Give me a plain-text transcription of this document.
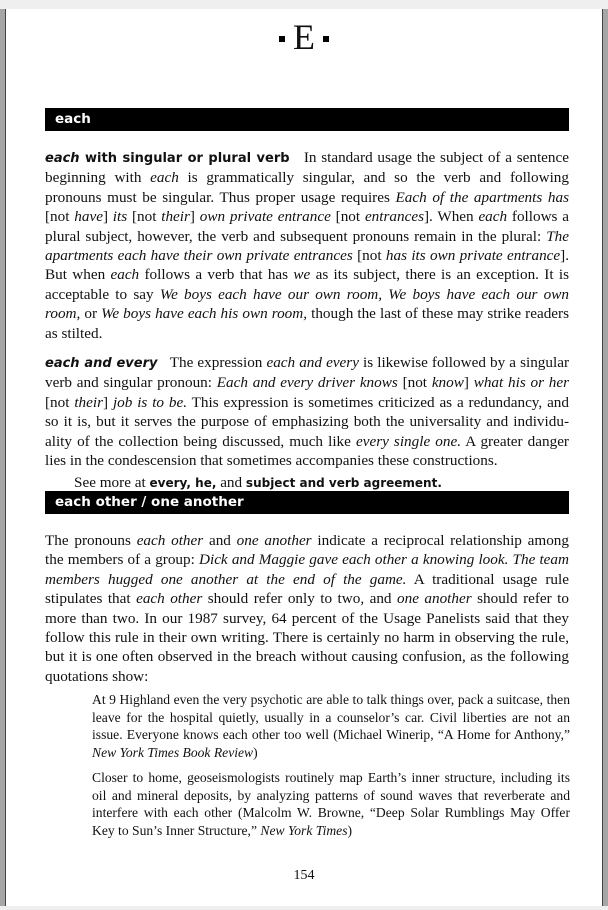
E
each

each with singular or plural verb In standard usage the subject of a sentence beginning with each is grammatically singular, and so the verb and following pronouns must be singular. Thus proper usage requires Each of the apartments has [not have] its [not their] own private entrance [not entrances]. When each follows a plural subject, however, the verb and subsequent pronouns remain in the plural: The apartments each have their own private entrances [not has its own private entrance]. But when each follows a verb that has we as its subject, there is an exception. It is acceptable to say We boys each have our own room, We boys have each our own room, or We boys have each his own room, though the last of these may strike readers as stilted.

each and every The expression each and every is likewise followed by a singular verb and singular pronoun: Each and every driver knows [not know] what his or her [not their] job is to be. This expression is sometimes criticized as a redundancy, and so it is, but it serves the purpose of emphasizing both the universality and individuality of the collection being discussed, much like every single one. A greater danger lies in the condescension that sometimes accompanies these constructions.

See more at every, he, and subject and verb agreement.

each other / one another

The pronouns each other and one another indicate a reciprocal relationship among the members of a group: Dick and Maggie gave each other a knowing look. The team members hugged one another at the end of the game. A traditional usage rule stipulates that each other should refer only to two, and one another should refer to more than two. In our 1987 survey, 64 percent of the Usage Panelists said that they follow this rule in their own writing. There is certainly no harm in observing the rule, but it is one often observed in the breach without causing confusion, as the following quotations show:

At 9 Highland even the very psychotic are able to talk things over, pack a suitcase, then leave for the hospital quietly, usually in a counselor’s car. Civil liberties are not an issue. Everyone knows each other too well (Michael Winerip, “A Home for Anthony,” New York Times Book Review)

Closer to home, geoseismologists routinely map Earth’s inner structure, including its oil and mineral deposits, by analyzing patterns of sound waves that reverberate and interfere with each other (Malcolm W. Browne, “Deep Solar Rumblings May Offer Key to Sun’s Inner Structure,” New York Times)

154
